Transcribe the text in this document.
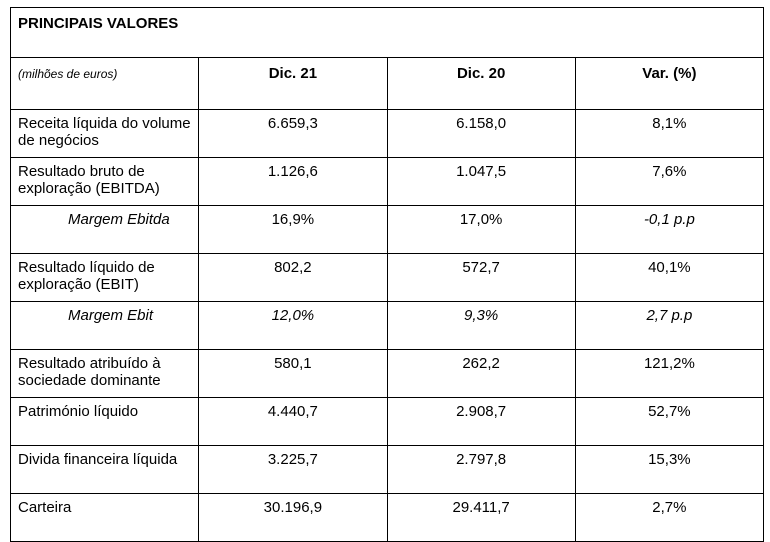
PRINCIPAIS VALORES			
(milhões de euros)	Dic. 21	Dic. 20	Var. (%)
Receita líquida do volume de negócios	6.659,3	6.158,0	8,1%
Resultado bruto de exploração (EBITDA)	1.126,6	1.047,5	7,6%
Margem Ebitda	16,9%	17,0%	-0,1 p.p
Resultado líquido de exploração (EBIT)	802,2	572,7	40,1%
Margem Ebit	12,0%	9,3%	2,7 p.p
Resultado atribuído à sociedade dominante	580,1	262,2	121,2%
Património líquido	4.440,7	2.908,7	52,7%
Divida financeira líquida	3.225,7	2.797,8	15,3%
Carteira	30.196,9	29.411,7	2,7%
